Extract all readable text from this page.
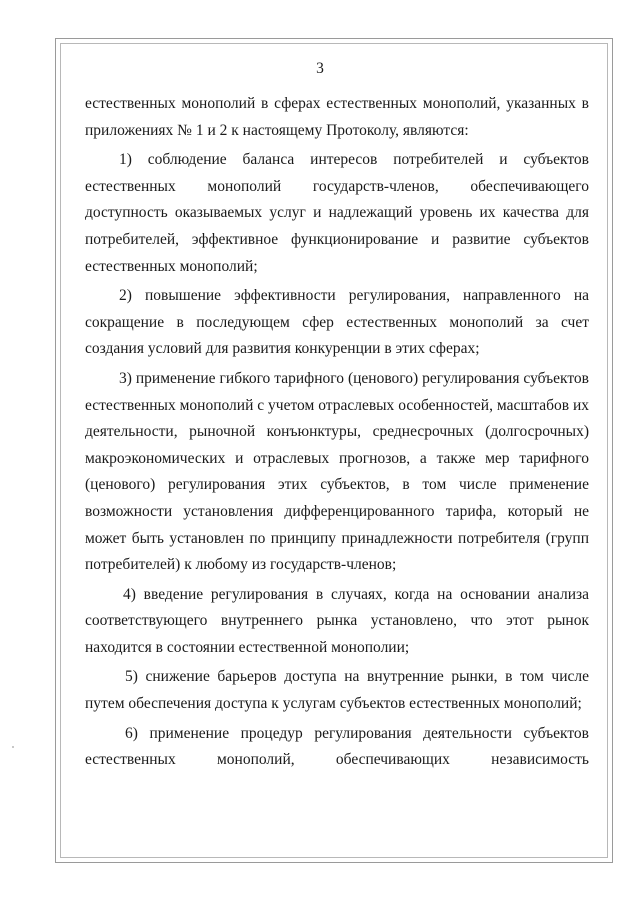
3

естественных монополий в сферах естественных монополий, указанных в приложениях № 1 и 2 к настоящему Протоколу, являются:

1) соблюдение баланса интересов потребителей и субъектов естественных монополий государств-членов, обеспечивающего доступность оказываемых услуг и надлежащий уровень их качества для потребителей, эффективное функционирование и развитие субъектов естественных монополий;

2) повышение эффективности регулирования, направленного на сокращение в последующем сфер естественных монополий за счет создания условий для развития конкуренции в этих сферах;

3) применение гибкого тарифного (ценового) регулирования субъектов естественных монополий с учетом отраслевых особенностей, масштабов их деятельности, рыночной конъюнктуры, среднесрочных (долгосрочных) макроэкономических и отраслевых прогнозов, а также мер тарифного (ценового) регулирования этих субъектов, в том числе применение возможности установления дифференцированного тарифа, который не может быть установлен по принципу принадлежности потребителя (групп потребителей) к любому из государств-членов;

4) введение регулирования в случаях, когда на основании анализа соответствующего внутреннего рынка установлено, что этот рынок находится в состоянии естественной монополии;

5) снижение барьеров доступа на внутренние рынки, в том числе путем обеспечения доступа к услугам субъектов естественных монополий;

6) применение процедур регулирования деятельности субъектов естественных монополий, обеспечивающих независимость
